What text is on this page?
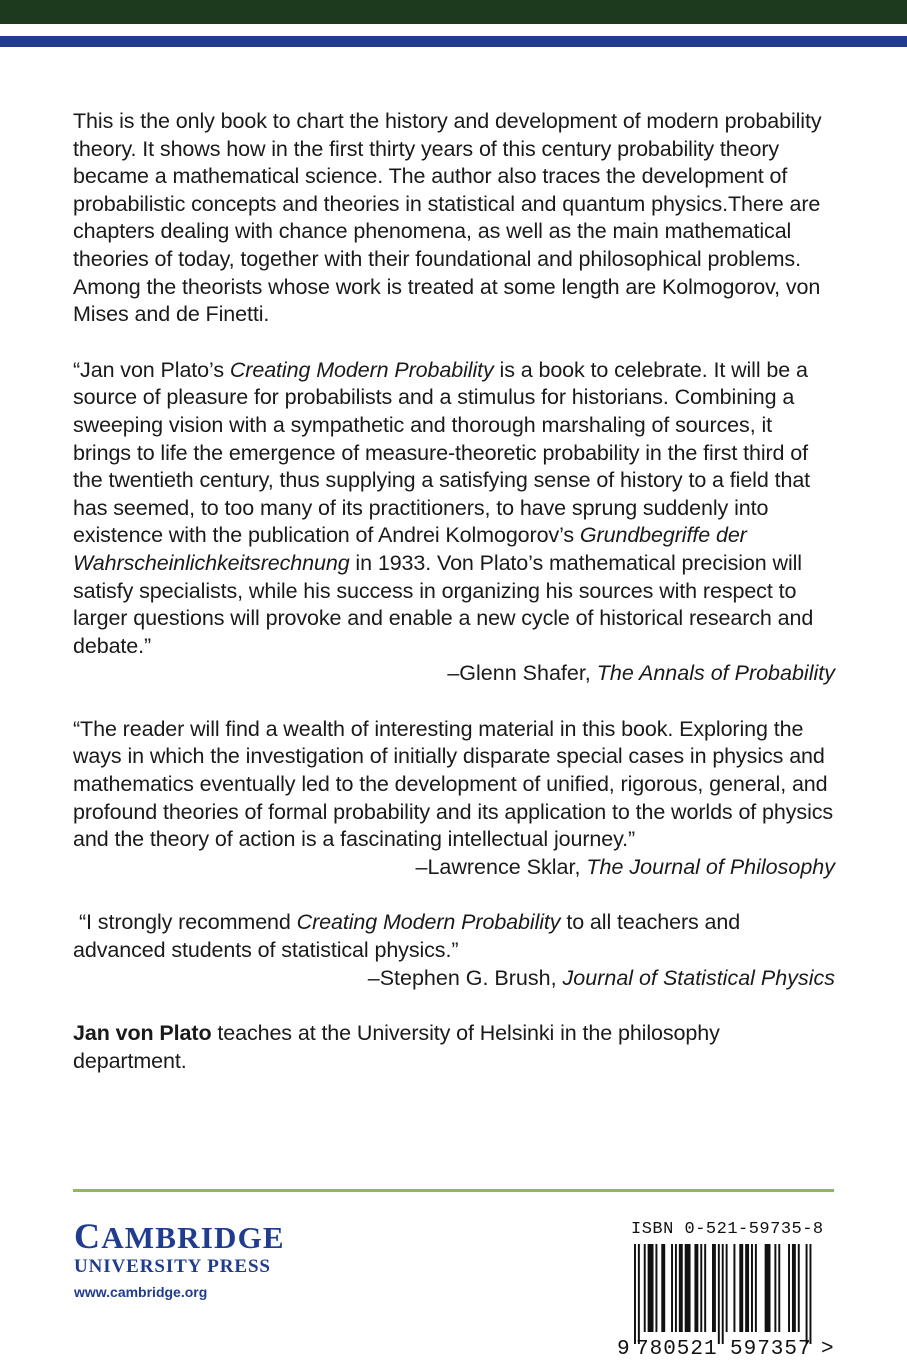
This is the only book to chart the history and development of modern probability theory. It shows how in the first thirty years of this century probability theory became a mathematical science. The author also traces the development of probabilistic concepts and theories in statistical and quantum physics.There are chapters dealing with chance phenomena, as well as the main mathematical theories of today, together with their foundational and philosophical problems. Among the theorists whose work is treated at some length are Kolmogorov, von Mises and de Finetti.

“Jan von Plato’s Creating Modern Probability is a book to celebrate. It will be a source of pleasure for probabilists and a stimulus for historians. Combining a sweeping vision with a sympathetic and thorough marshaling of sources, it brings to life the emergence of measure-theoretic probability in the first third of the twentieth century, thus supplying a satisfying sense of history to a field that has seemed, to too many of its practitioners, to have sprung suddenly into existence with the publication of Andrei Kolmogorov’s Grundbegriffe der Wahrscheinlichkeitsrechnung in 1933. Von Plato’s mathematical precision will satisfy specialists, while his success in organizing his sources with respect to larger questions will provoke and enable a new cycle of historical research and debate.”

–Glenn Shafer, The Annals of Probability

“The reader will find a wealth of interesting material in this book. Exploring the ways in which the investigation of initially disparate special cases in physics and mathematics eventually led to the development of unified, rigorous, general, and profound theories of formal probability and its application to the worlds of physics and the theory of action is a fascinating intellectual journey.”

–Lawrence Sklar, The Journal of Philosophy

“I strongly recommend Creating Modern Probability to all teachers and advanced students of statistical physics.”

–Stephen G. Brush, Journal of Statistical Physics

Jan von Plato teaches at the University of Helsinki in the philosophy department.

CAMBRIDGE
UNIVERSITY PRESS
www.cambridge.org
ISBN 0-521-59735-8
9 780521 597357 >
